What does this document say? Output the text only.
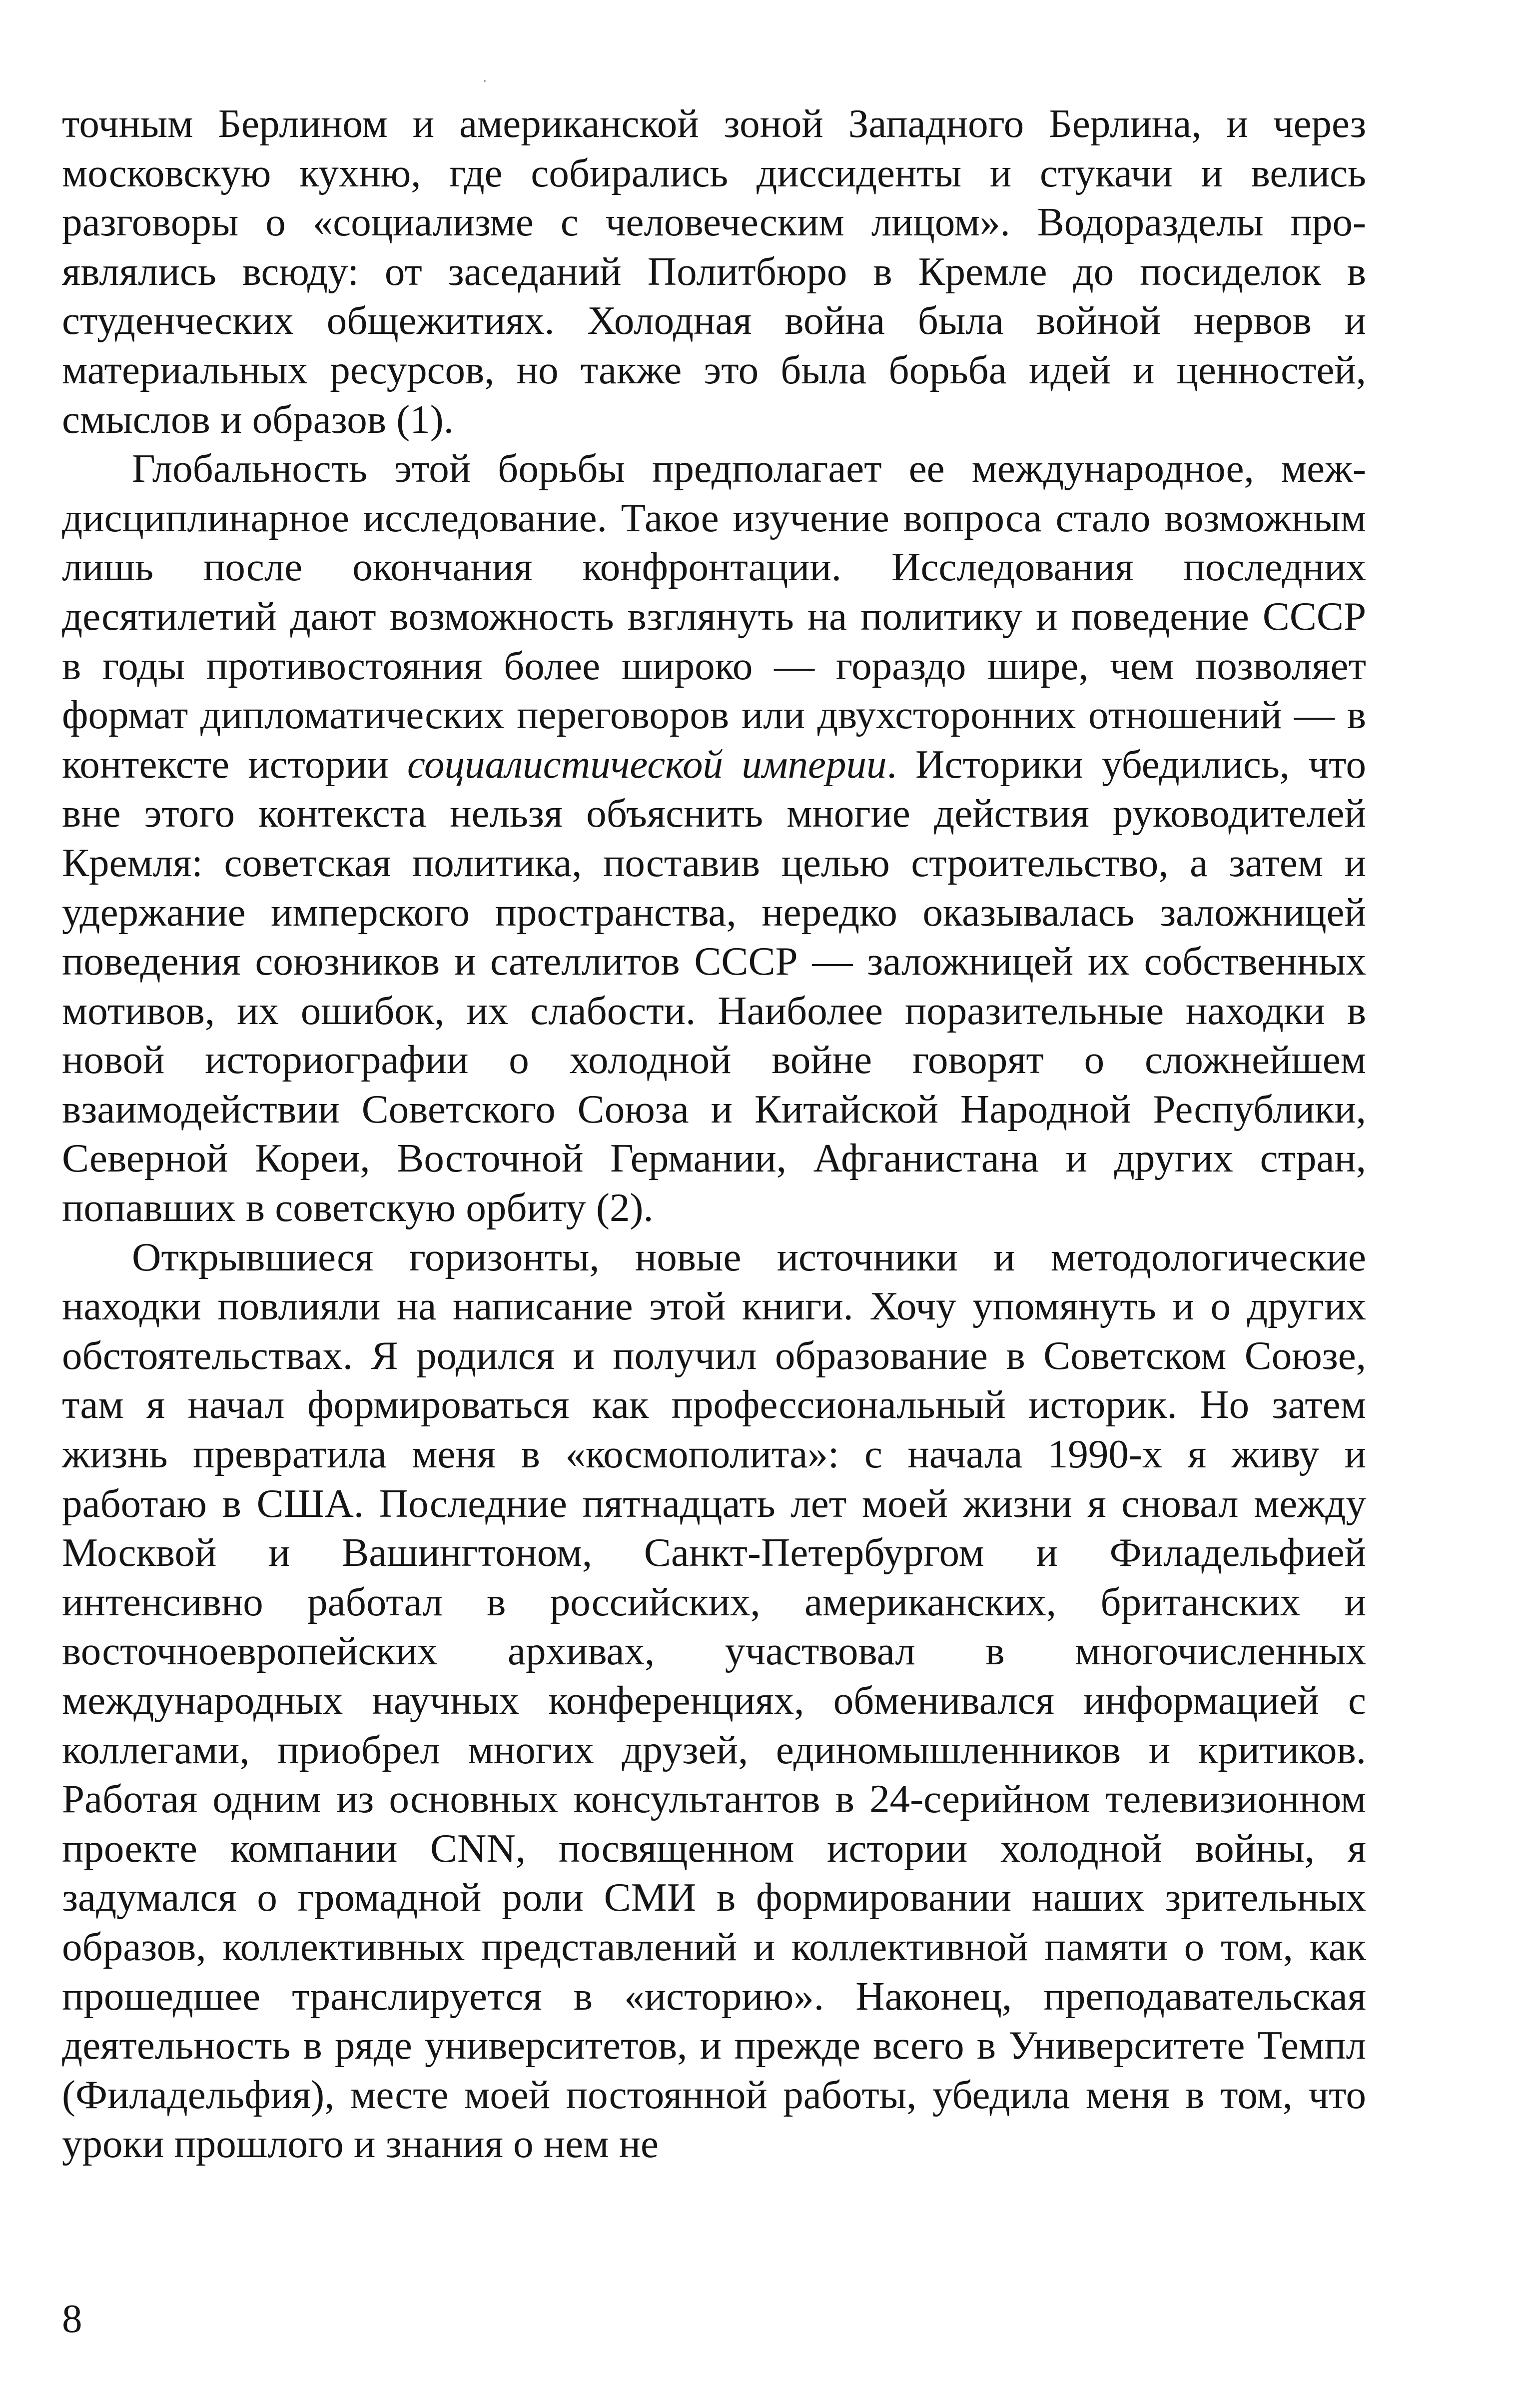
точным Берлином и американской зоной Западного Берлина, и через московскую кухню, где собирались диссиденты и стукачи и велись разговоры о «социализме с человеческим лицом». Водоразделы проявлялись всюду: от заседаний Политбюро в Кремле до посиделок в студенческих общежитиях. Холодная война была войной нервов и материальных ресурсов, но также это была борьба идей и ценностей, смыслов и образов (1).

Глобальность этой борьбы предполагает ее международное, междисциплинарное исследование. Такое изучение вопроса стало возможным лишь после окончания конфронтации. Исследования последних десятилетий дают возможность взглянуть на политику и поведение СССР в годы противостояния более широко — гораздо шире, чем позволяет формат дипломатических переговоров или двухсторонних отношений — в контексте истории социалистической империи. Историки убедились, что вне этого контекста нельзя объяснить многие действия руководителей Кремля: советская политика, поставив целью строительство, а затем и удержание имперского пространства, нередко оказывалась заложницей поведения союзников и сателлитов СССР — заложницей их собственных мотивов, их ошибок, их слабости. Наиболее поразительные находки в новой историографии о холодной войне говорят о сложнейшем взаимодействии Советского Союза и Китайской Народной Республики, Северной Кореи, Восточной Германии, Афганистана и других стран, попавших в советскую орбиту (2).

Открывшиеся горизонты, новые источники и методологические находки повлияли на написание этой книги. Хочу упомянуть и о других обстоятельствах. Я родился и получил образование в Советском Союзе, там я начал формироваться как профессиональный историк. Но затем жизнь превратила меня в «космополита»: с начала 1990-х я живу и работаю в США. Последние пятнадцать лет моей жизни я сновал между Москвой и Вашингтоном, Санкт-Петербургом и Филадельфией интенсивно работал в российских, американских, британских и восточноевропейских архивах, участвовал в многочисленных международных научных конференциях, обменивался информацией с коллегами, приобрел многих друзей, единомышленников и критиков. Работая одним из основных консультантов в 24-серийном телевизионном проекте компании CNN, посвященном истории холодной войны, я задумался о громадной роли СМИ в формировании наших зрительных образов, коллективных представлений и коллективной памяти о том, как прошедшее транслируется в «историю». Наконец, преподавательская деятельность в ряде университетов, и прежде всего в Университете Темпл (Филадельфия), месте моей постоянной работы, убедила меня в том, что уроки прошлого и знания о нем не

8
